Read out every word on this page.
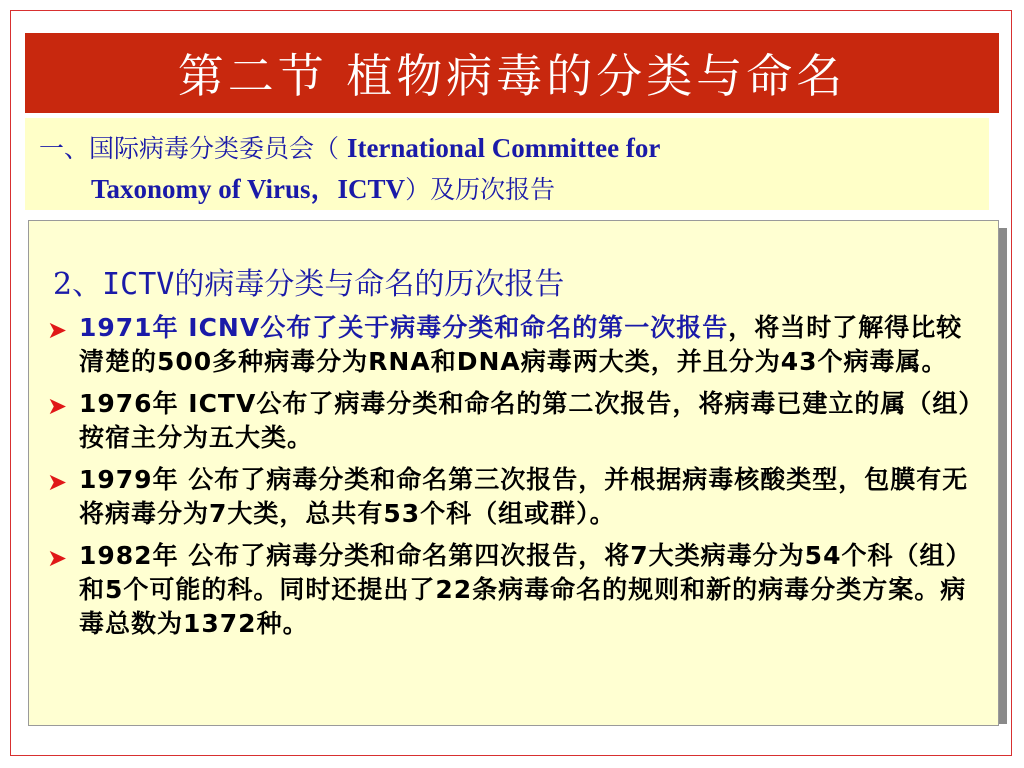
第二节 植物病毒的分类与命名
一、国际病毒分类委员会（ Iternational Committee for
Taxonomy of Virus，ICTV）及历次报告
2、ICTV的病毒分类与命名的历次报告
➤ 1971年 ICNV公布了关于病毒分类和命名的第一次报告，将当时了解得比较清楚的500多种病毒分为RNA和DNA病毒两大类，并且分为43个病毒属。
➤ 1976年 ICTV公布了病毒分类和命名的第二次报告，将病毒已建立的属（组）按宿主分为五大类。
➤ 1979年 公布了病毒分类和命名第三次报告，并根据病毒核酸类型，包膜有无将病毒分为7大类，总共有53个科（组或群）。
➤ 1982年 公布了病毒分类和命名第四次报告，将7大类病毒分为54个科（组）和5个可能的科。同时还提出了22条病毒命名的规则和新的病毒分类方案。病毒总数为1372种。
